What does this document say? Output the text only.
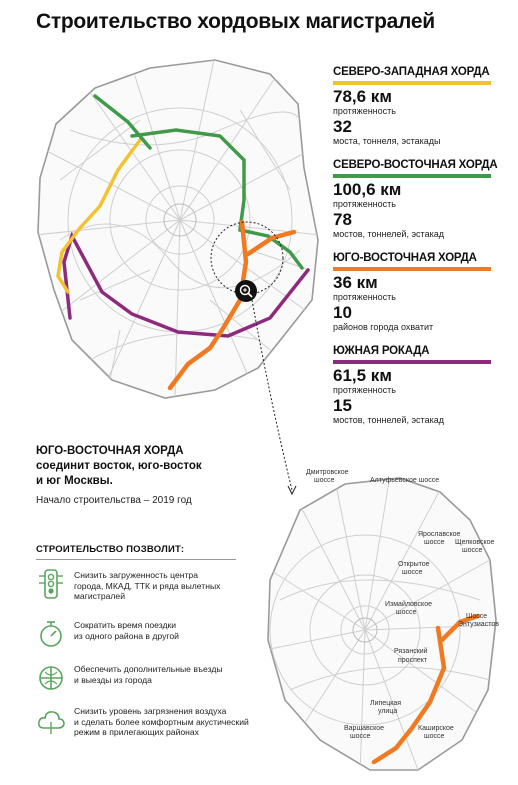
Строительство хордовых магистралей
Дмитровское
шоссе	Алтуфьевское шоссе
Ярославское
шоссе Щелковское
шоссе
Открытое
шоссе
Измайловское
шоссе
Шоссе
Энтузиастов
Рязанский
проспект
Липецкая
улица
Варшавское
шоссе
Каширское
шоссе
СЕВЕРО-ЗАПАДНАЯ ХОРДА
78,6 км
протяженность
32
моста, тоннеля, эстакады
СЕВЕРО-ВОСТОЧНАЯ ХОРДА
100,6 км
протяженность
78
мостов, тоннелей, эстакад
ЮГО-ВОСТОЧНАЯ ХОРДА
36 км
протяженность
10
районов города охватит
ЮЖНАЯ РОКАДА
61,5 км
протяженность
15
мостов, тоннелей, эстакад
ЮГО-ВОСТОЧНАЯ ХОРДА
соединит восток, юго-восток
и юг Москвы.
Начало строительства – 2019 год
СТРОИТЕЛЬСТВО ПОЗВОЛИТ:
Снизить загруженность центра
города, МКАД, ТТК и ряда вылетных
магистралей
Сократить время поездки
из одного района в другой
Обеспечить дополнительные въезды
и выезды из города
Снизить уровень загрязнения воздуха
и сделать более комфортным акустический
режим в прилегающих районах
